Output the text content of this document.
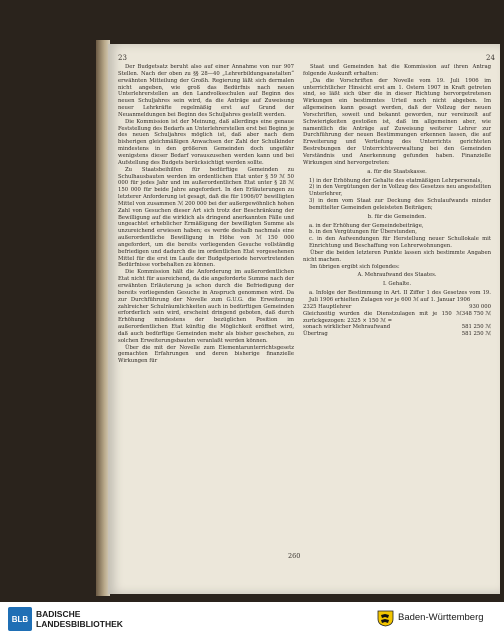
23	24

Der Budgetsatz beruht also auf einer Annahme von nur 907 Stellen. Nach der oben zu §§ 28—40 „Lehrerbildungsanstalten“ erwähnten Mitteilung der Großh. Regierung läßt sich dermalen nicht angeben, wie groß das Bedürfnis nach neuen Unterlehrerstellen an den Landvolksschulen auf Beginn des neuen Schuljahres sein wird, da die Anträge auf Zuweisung neuer Lehrkräfte regelmäßig erst auf Grund der Neuanmeldungen bei Beginn des Schuljahres gestellt werden.

Die Kommission ist der Meinung, daß allerdings eine genaue Feststellung des Bedarfs an Unterlehrerstellen erst bei Beginn je des neuen Schuljahres möglich ist, daß aber nach dem bisherigen gleichmäßigen Anwachsen der Zahl der Schulkinder mindestens in den größeren Gemeinden doch ungefähr wenigstens dieser Bedarf vorauszusehen werden kann und bei Aufstellung des Budgets berücksichtigt werden sollte.

Zu Staatsbeihilfen für bedürftige Gemeinden zu Schulhausbauten werden im ordentlichen Etat unter § 59 ℳ 50 000 für jedes Jahr und im außerordentlichen Etat unter § 28 ℳ 150 000 für beide Jahre angefordert. In den Erläuterungen zu letzterer Anforderung ist gesagt, daß die für 1906/07 bewilligten Mittel von zusammen ℳ 200 000 bei der außergewöhnlich hohen Zahl von Gesuchen dieser Art sich trotz der Beschränkung der Bewilligung auf die wirklich als dringend anerkannten Fälle und ungeachtet erheblicher Ermäßigung der bewilligten Summe als unzureichend erwiesen haben; es werde deshalb nachmals eine außerordentliche Bewilligung in Höhe von ℳ 150 000 angefordert, um die bereits vorliegenden Gesuche vollständig befriedigen und dadurch die im ordentlichen Etat vorgesehenen Mittel für die erst im Laufe der Budgetperiode hervortretenden Bedürfnisse vorbehalten zu können.

Die Kommission hält die Anforderung im außerordentlichen Etat nicht für ausreichend, da die angeforderte Summe nach der erwähnten Erläuterung ja schon durch die Befriedigung der bereits vorliegenden Gesuche in Anspruch genommen wird. Da zur Durchführung der Novelle zum G.U.G. die Erweiterung zahlreicher Schulräumlichkeiten auch in bedürftigen Gemeinden erforderlich sein wird, erscheint dringend geboten, daß durch Erhöhung mindestens der bezüglichen Position im außerordentlichen Etat künftig die Möglichkeit eröffnet wird, daß auch bedürftige Gemeinden mehr als bisher geschehen, zu solchen Erweiterungsbauten veranlaßt werden können.

Über die mit der Novelle zum Elementarunterrichtsgesetz gemachten Erfahrungen und deren bisherige finanzielle Wirkungen für

Staat und Gemeinden hat die Kommission auf ihren Antrag folgende Auskunft erhalten:

„Da die Vorschriften der Novelle vom 19. Juli 1906 im unterrichtlicher Hinsicht erst am 1. Ostern 1907 in Kraft getreten sind, so läßt sich über die in dieser Richtung hervorgetretenen Wirkungen ein bestimmtes Urteil noch nicht abgeben. Im allgemeinen kann gesagt werden, daß der Vollzug der neuen Vorschriften, soweit und bekannt geworden, nur vereinzelt auf Schwierigkeiten gestoßen ist, daß im allgemeinen aber, wie namentlich die Anträge auf Zuweisung weiterer Lehrer zur Durchführung der neuen Bestimmungen erkennen lassen, die auf Erweiterung und Vertiefung des Unterrichts gerichteten Bestrebungen der Unterrichtsverwaltung bei den Gemeinden Verständnis und Anerkennung gefunden haben. Finanzielle Wirkungen sind hervorgetreten:

a. für die Staatskasse.

1) in der Erhöhung der Gehalte des etatmäßigen Lehrpersonals,

2) in den Vergütungen der in Vollzug des Gesetzes neu angestellten Unterlehrer,

3) in dem vom Staat zur Deckung des Schulaufwands minder bemittelter Gemeinden geleisteten Beiträgen;

b. für die Gemeinden.

a. in der Erhöhung der Gemeindebeiträge,

b. in den Vergütungen für Überstunden,

c. in den Aufwendungen für Herstellung neuer Schullokale mit Einrichtung und Beschaffung von Lehrerwohnungen.

Über die beiden letzteren Punkte lassen sich bestimmte Angaben nicht machen.

Im übrigen ergibt sich folgendes:

A. Mehraufwand des Staates.

I. Gehalte.

a. Infolge der Bestimmung in Art. II Ziffer 1 des Gesetzes vom 19. Juli 1906 erhielten Zulagen vor je 600 ℳ auf 1. Januar 1906

2325 Hauptlehrer	930 000
Gleichzeitig wurden die Dienstzulagen mit je 150 ℳ zurückgezogen: 2325 × 150 ℳ =
348 750 ℳ
sonach wirklicher Mehraufwand	581 250 ℳ
Übertrag	581 250 ℳ
260
BLB BADISCHE
LANDESBIBLIOTHEK
Baden-Württemberg
